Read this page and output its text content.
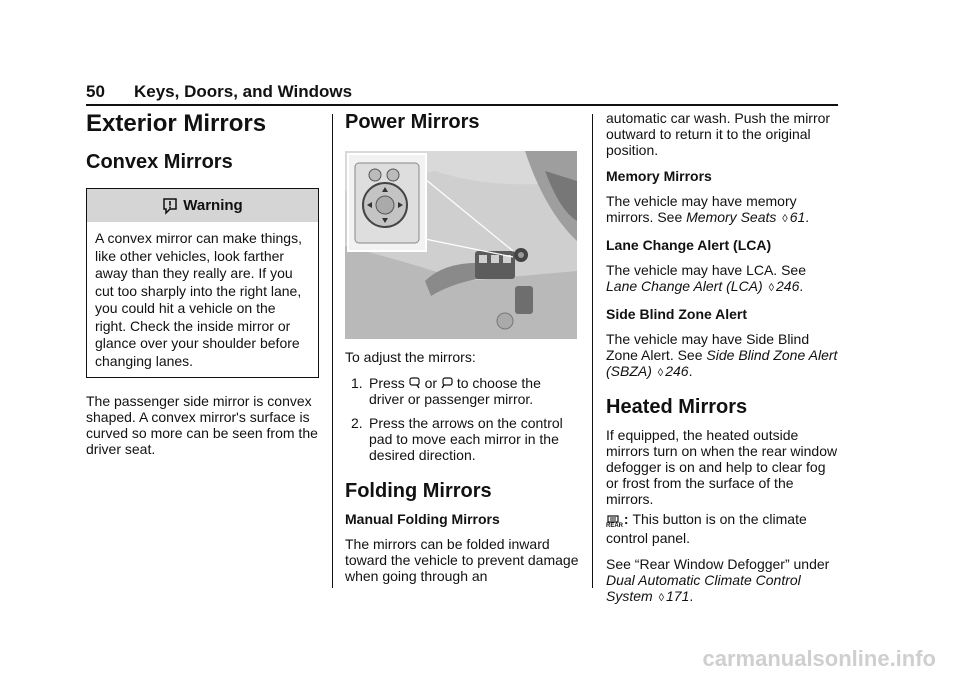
50 Keys, Doors, and Windows
Exterior Mirrors
Convex Mirrors
Warning
A convex mirror can make things, like other vehicles, look farther away than they really are. If you cut too sharply into the right lane, you could hit a vehicle on the right. Check the inside mirror or glance over your shoulder before changing lanes.

The passenger side mirror is convex shaped. A convex mirror's surface is curved so more can be seen from the driver seat.

Power Mirrors

To adjust the mirrors:

1. Press or to choose the driver or passenger mirror.
2. Press the arrows on the control pad to move each mirror in the desired direction.
Folding Mirrors
Manual Folding Mirrors

The mirrors can be folded inward toward the vehicle to prevent damage when going through an

automatic car wash. Push the mirror outward to return it to the original position.

Memory Mirrors

The vehicle may have memory mirrors. See Memory Seats ◊ 61.

Lane Change Alert (LCA)

The vehicle may have LCA. See Lane Change Alert (LCA) ◊ 246.

Side Blind Zone Alert

The vehicle may have Side Blind Zone Alert. See Side Blind Zone Alert (SBZA) ◊ 246.

Heated Mirrors

If equipped, the heated outside mirrors turn on when the rear window defogger is on and help to clear fog or frost from the surface of the mirrors.

REAR
: This button is on the climate control panel.

See “Rear Window Defogger” under Dual Automatic Climate Control System ◊ 171.

carmanualsonline.info
